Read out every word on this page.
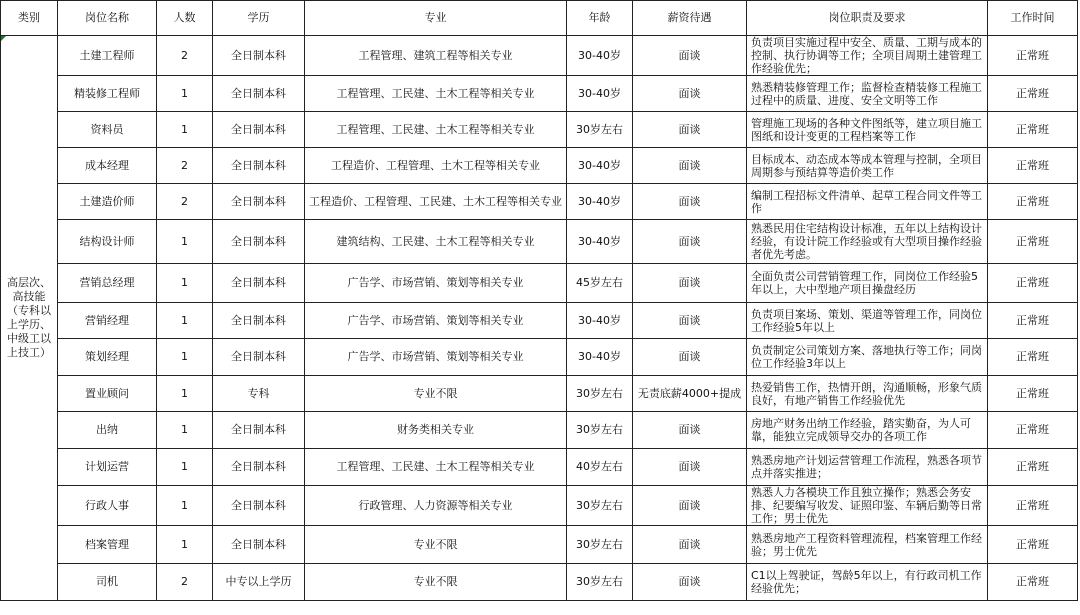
类别	岗位名称	人数	学历	专业	年龄	薪资待遇	岗位职责及要求	工作时间
高层次、高技能（专科以上学历、中级工以上技工）	土建工程师	2	全日制本科	工程管理、建筑工程等相关专业	30-40岁	面谈	负责项目实施过程中安全、质量、工期与成本的控制、执行协调等工作；全项目周期土建管理工作经验优先；	正常班
	精装修工程师	1	全日制本科	工程管理、工民建、土木工程等相关专业	30-40岁	面谈	熟悉精装修管理工作；监督检查精装修工程施工过程中的质量、进度、安全文明等工作	正常班
	资料员	1	全日制本科	工程管理、工民建、土木工程等相关专业	30岁左右	面谈	管理施工现场的各种文件图纸等，建立项目施工图纸和设计变更的工程档案等工作	正常班
	成本经理	2	全日制本科	工程造价、工程管理、土木工程等相关专业	30-40岁	面谈	目标成本、动态成本等成本管理与控制，全项目周期参与预结算等造价类工作	正常班
	土建造价师	2	全日制本科	工程造价、工程管理、工民建、土木工程等相关专业	30-40岁	面谈	编制工程招标文件清单、起草工程合同文件等工作	正常班
	结构设计师	1	全日制本科	建筑结构、工民建、土木工程等相关专业	30-40岁	面谈	熟悉民用住宅结构设计标准，五年以上结构设计经验，有设计院工作经验或有大型项目操作经验者优先考虑。	正常班
	营销总经理	1	全日制本科	广告学、市场营销、策划等相关专业	45岁左右	面谈	全面负责公司营销管理工作，同岗位工作经验5年以上，大中型地产项目操盘经历	正常班
	营销经理	1	全日制本科	广告学、市场营销、策划等相关专业	30-40岁	面谈	负责项目案场、策划、渠道等管理工作，同岗位工作经验5年以上	正常班
	策划经理	1	全日制本科	广告学、市场营销、策划等相关专业	30-40岁	面谈	负责制定公司策划方案、落地执行等工作；同岗位工作经验3年以上	正常班
	置业顾问	1	专科	专业不限	30岁左右	无责底薪4000+提成	热爱销售工作，热情开朗，沟通顺畅，形象气质良好，有地产销售工作经验优先	正常班
	出纳	1	全日制本科	财务类相关专业	30岁左右	面谈	房地产财务出纳工作经验，踏实勤奋，为人可靠，能独立完成领导交办的各项工作	正常班
	计划运营	1	全日制本科	工程管理、工民建、土木工程等相关专业	40岁左右	面谈	熟悉房地产计划运营管理工作流程，熟悉各项节点并落实推进；	正常班
	行政人事	1	全日制本科	行政管理、人力资源等相关专业	30岁左右	面谈	熟悉人力各模块工作且独立操作；熟悉会务安排、纪要编写收发、证照印鉴、车辆后勤等日常工作；男士优先	正常班
	档案管理	1	全日制本科	专业不限	30岁左右	面谈	熟悉房地产工程资料管理流程，档案管理工作经验；男士优先	正常班
	司机	2	中专以上学历	专业不限	30岁左右	面谈	C1以上驾驶证，驾龄5年以上，有行政司机工作经验优先；	正常班
